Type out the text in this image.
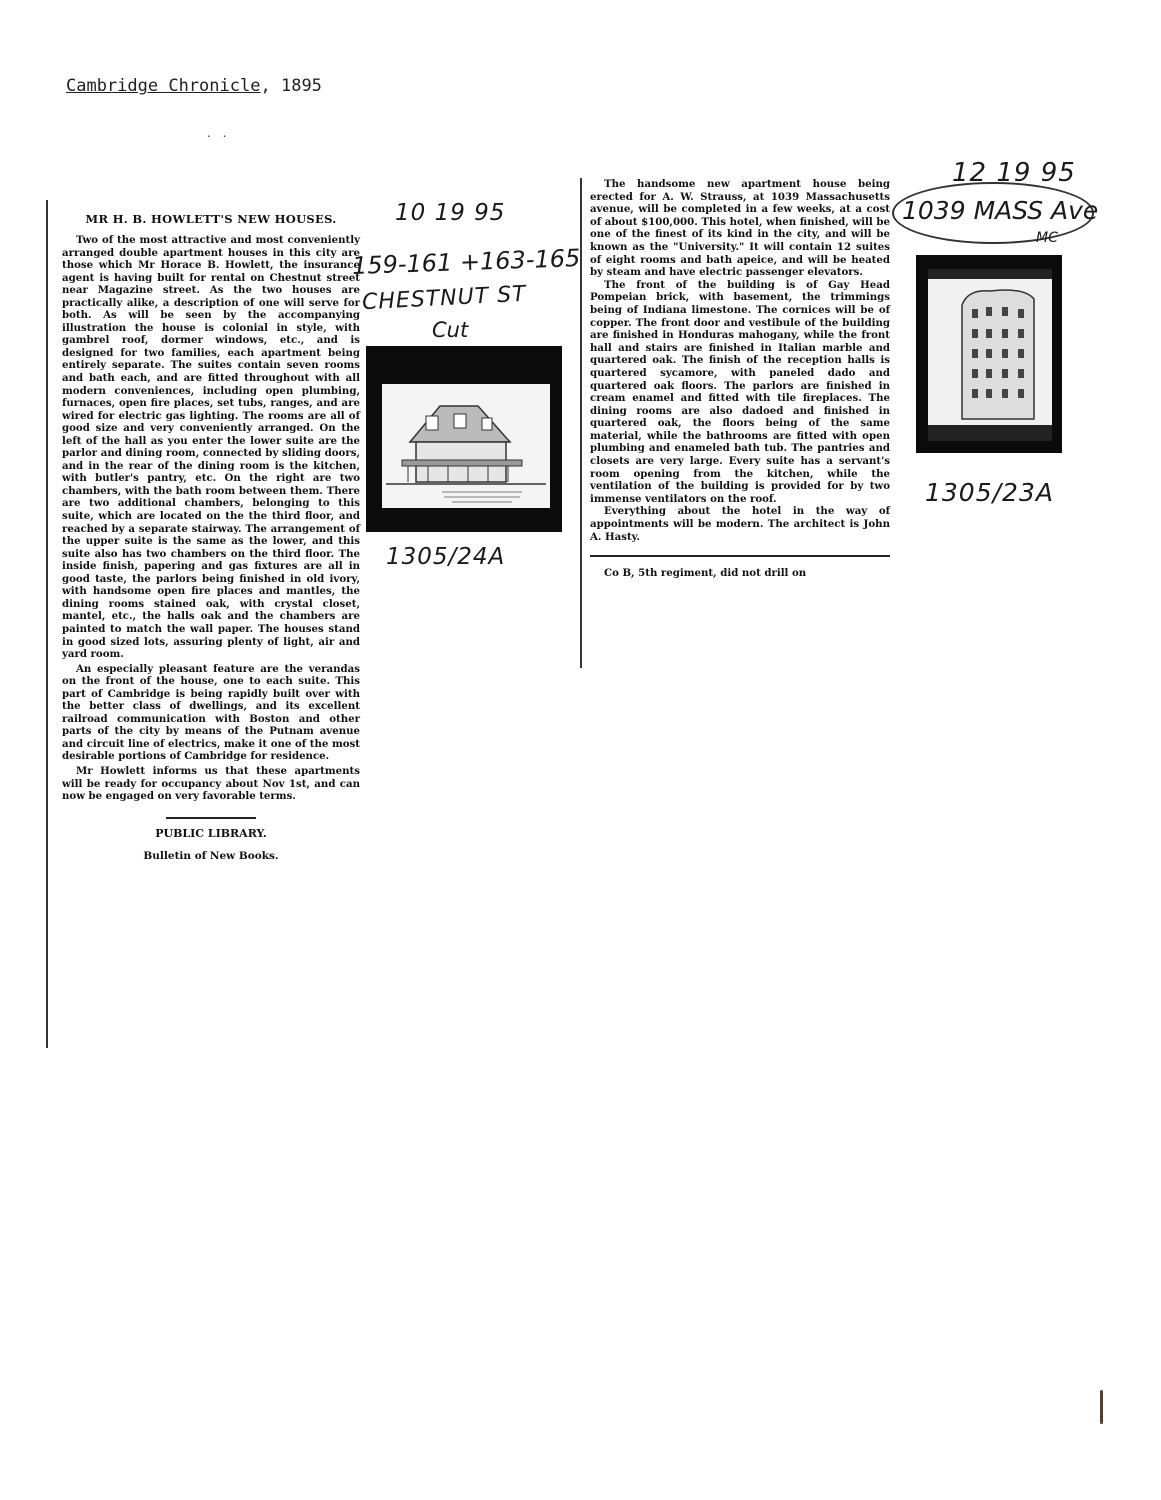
Cambridge Chronicle, 1895
. .
MR H. B. HOWLETT'S NEW HOUSES.

Two of the most attractive and most conveniently arranged double apartment houses in this city are those which Mr Horace B. Howlett, the insurance agent is having built for rental on Chestnut street near Magazine street. As the two houses are practically alike, a description of one will serve for both. As will be seen by the accompanying illustration the house is colonial in style, with gambrel roof, dormer windows, etc., and is designed for two families, each apartment being entirely separate. The suites contain seven rooms and bath each, and are fitted throughout with all modern conveniences, including open plumbing, furnaces, open fire places, set tubs, ranges, and are wired for electric gas lighting. The rooms are all of good size and very conveniently arranged. On the left of the hall as you enter the lower suite are the parlor and dining room, connected by sliding doors, and in the rear of the dining room is the kitchen, with butler's pantry, etc. On the right are two chambers, with the bath room between them. There are two additional chambers, belonging to this suite, which are located on the the third floor, and reached by a separate stairway. The arrangement of the upper suite is the same as the lower, and this suite also has two chambers on the third floor. The inside finish, papering and gas fixtures are all in good taste, the parlors being finished in old ivory, with handsome open fire places and mantles, the dining rooms stained oak, with crystal closet, mantel, etc., the halls oak and the chambers are painted to match the wall paper. The houses stand in good sized lots, assuring plenty of light, air and yard room.

An especially pleasant feature are the verandas on the front of the house, one to each suite. This part of Cambridge is being rapidly built over with the better class of dwellings, and its excellent railroad communication with Boston and other parts of the city by means of the Putnam avenue and circuit line of electrics, make it one of the most desirable portions of Cambridge for residence.

Mr Howlett informs us that these apartments will be ready for occupancy about Nov 1st, and can now be engaged on very favorable terms.

PUBLIC LIBRARY.
Bulletin of New Books.
10 19 95
159-161 +163-165
CHESTNUT ST
Cut
1305/24A

The handsome new apartment house being erected for A. W. Strauss, at 1039 Massachusetts avenue, will be completed in a few weeks, at a cost of about $100,000. This hotel, when finished, will be one of the finest of its kind in the city, and will be known as the "University." It will contain 12 suites of eight rooms and bath apeice, and will be heated by steam and have electric passenger elevators.

The front of the building is of Gay Head Pompeian brick, with basement, the trimmings being of Indiana limestone. The cornices will be of copper. The front door and vestibule of the building are finished in Honduras mahogany, while the front hall and stairs are finished in Italian marble and quartered oak. The finish of the reception halls is quartered sycamore, with paneled dado and quartered oak floors. The parlors are finished in cream enamel and fitted with tile fireplaces. The dining rooms are also dadoed and finished in quartered oak, the floors being of the same material, while the bathrooms are fitted with open plumbing and enameled bath tub. The pantries and closets are very large. Every suite has a servant's room opening from the kitchen, while the ventilation of the building is provided for by two immense ventilators on the roof.

Everything about the hotel in the way of appointments will be modern. The architect is John A. Hasty.

Co B, 5th regiment, did not drill on

12 19 95
1039 MASS Ave
MC
1305/23A
